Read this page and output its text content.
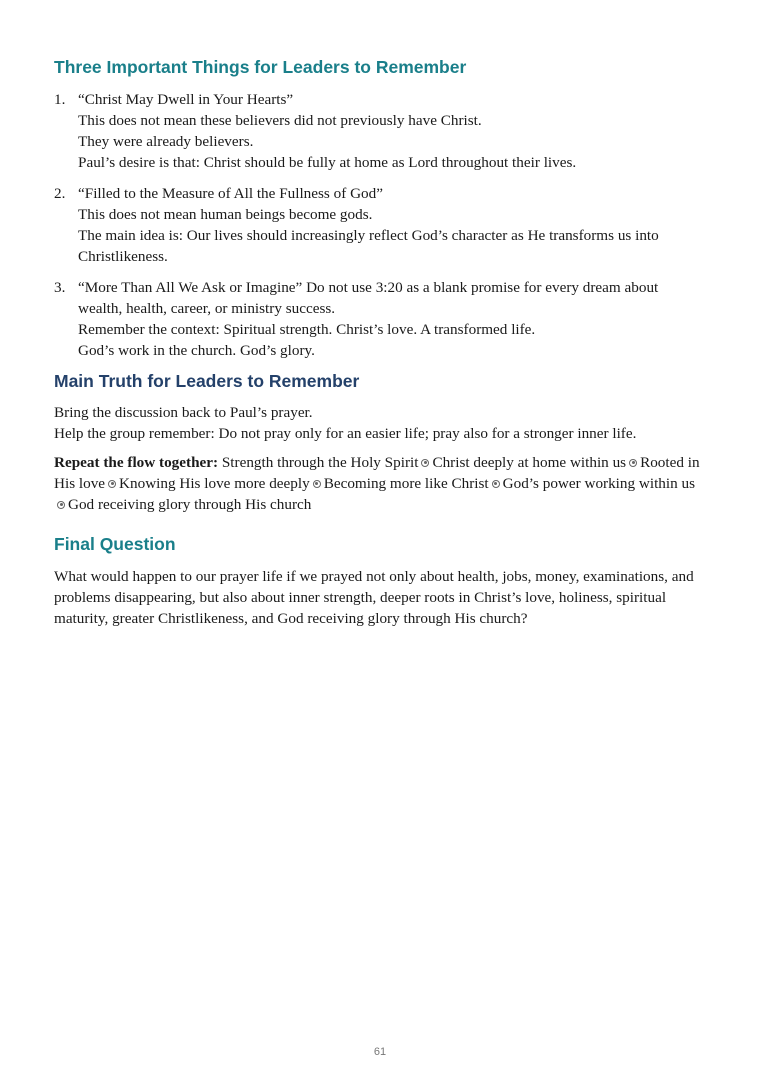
Three Important Things for Leaders to Remember
1. “Christ May Dwell in Your Hearts”
This does not mean these believers did not previously have Christ.
They were already believers.
Paul’s desire is that: Christ should be fully at home as Lord throughout their lives.
2. “Filled to the Measure of All the Fullness of God”
This does not mean human beings become gods.
The main idea is: Our lives should increasingly reflect God’s character as He transforms us into Christlikeness.
3. “More Than All We Ask or Imagine” Do not use 3:20 as a blank promise for every dream about wealth, health, career, or ministry success.
Remember the context: Spiritual strength. Christ’s love. A transformed life.
God’s work in the church. God’s glory.
Main Truth for Leaders to Remember

Bring the discussion back to Paul’s prayer.
Help the group remember: Do not pray only for an easier life; pray also for a stronger inner life.

Repeat the flow together: Strength through the Holy Spirit Christ deeply at home within us Rooted in His love Knowing His love more deeply Becoming more like Christ God’s power working within usGod receiving glory through His church

Final Question

What would happen to our prayer life if we prayed not only about health, jobs, money, examinations, and problems disappearing, but also about inner strength, deeper roots in Christ’s love, holiness, spiritual maturity, greater Christlikeness, and God receiving glory through His church?

61
